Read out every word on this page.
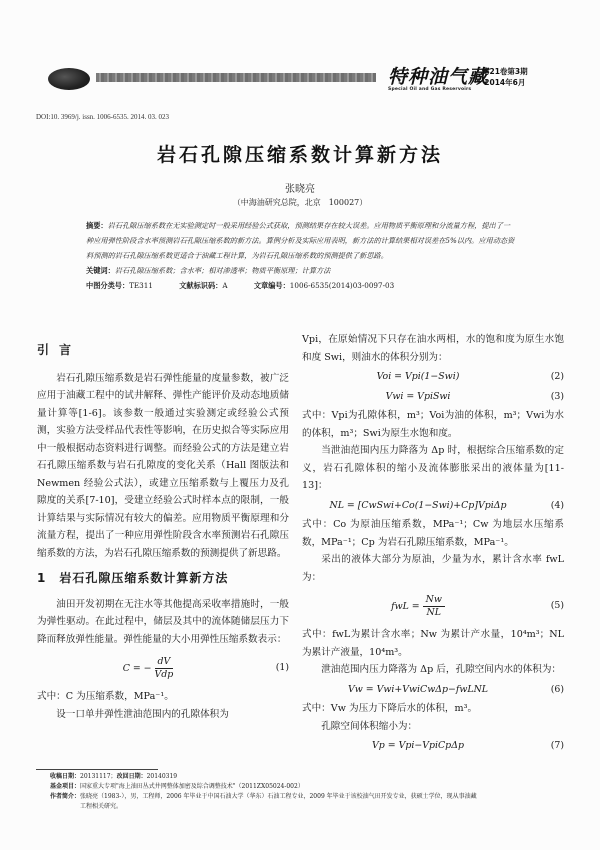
特种油气藏
Special Oil and Gas Reservoirs
第21卷第3期
2014年6月
DOI:10. 3969/j. issn. 1006-6535. 2014. 03. 023
岩石孔隙压缩系数计算新方法
张晓亮
（中海油研究总院，北京　100027）
摘要：岩石孔隙压缩系数在无实验测定时一般采用经验公式获取，预测结果存在较大误差。应用物质平衡原理和分流量方程，提出了一种应用弹性阶段含水率预测岩石孔隙压缩系数的新方法。算例分析及实际应用表明，新方法的计算结果相对误差在5%以内。应用动态资料预测的岩石孔隙压缩系数更适合于油藏工程计算，为岩石孔隙压缩系数的预测提供了新思路。
关键词：岩石孔隙压缩系数；含水率；相对渗透率；物质平衡原理；计算方法
中图分类号：TE311	文献标识码：A	文章编号：1006-6535(2014)03-0097-03
引言

岩石孔隙压缩系数是岩石弹性能量的度量参数，被广泛应用于油藏工程中的试井解释、弹性产能评价及动态地质储量计算等[1-6]。该参数一般通过实验测定或经验公式预测，实验方法受样品代表性等影响，在历史拟合等实际应用中一般根据动态资料进行调整。而经验公式的方法是建立岩石孔隙压缩系数与岩石孔隙度的变化关系（Hall 图版法和 Newmen 经验公式法），或建立压缩系数与上覆压力及孔隙度的关系[7-10]，受建立经验公式时样本点的限制，一般计算结果与实际情况有较大的偏差。应用物质平衡原理和分流量方程，提出了一种应用弹性阶段含水率预测岩石孔隙压缩系数的方法，为岩石孔隙压缩系数的预测提供了新思路。

1　岩石孔隙压缩系数计算新方法

油田开发初期在无注水等其他提高采收率措施时，一般为弹性驱动。在此过程中，储层及其中的流体随储层压力下降而释放弹性能量。弹性能量的大小用弹性压缩系数表示：

C = − $\frac{dV}{\text{Vdp}}$	(1)

式中：C 为压缩系数，MPa⁻¹。

设一口单井弹性泄油范围内的孔隙体积为

Vpi，在原始情况下只存在油水两相，水的饱和度为原生水饱和度 Swi，则油水的体积分别为：

Voi = Vpi(1−Swi)	(2)
Vwi = VpiSwi	(3)

式中：Vpi为孔隙体积，m³；Voi为油的体积，m³；Vwi为水的体积，m³；Swi为原生水饱和度。

当泄油范围内压力降落为 Δp 时，根据综合压缩系数的定义，岩石孔隙体积的缩小及流体膨胀采出的液体量为[11-13]：

NL = [CwSwi+Co(1−Swi)+Cp]VpiΔp	(4)

式中：Co 为原油压缩系数，MPa⁻¹；Cw 为地层水压缩系数，MPa⁻¹；Cp 为岩石孔隙压缩系数，MPa⁻¹。

采出的液体大部分为原油，少量为水，累计含水率 fwL为：

fwL = $\frac{Nw}{NL}$	(5)

式中：fwL为累计含水率；Nw 为累计产水量，10⁴m³；NL 为累计产液量，10⁴m³。

泄油范围内压力降落为 Δp 后，孔隙空间内水的体积为：

Vw = Vwi+VwiCwΔp−fwLNL	(6)

式中：Vw 为压力下降后水的体积，m³。

孔隙空间体积缩小为：

Vp = Vpi−VpiCpΔp	(7)
收稿日期：20131117；改回日期：20140319
基金项目：国家重大专项"海上油田丛式井网整体加密及综合调整技术"（2011ZX05024-002）
作者简介：张晓亮（1983-），男，工程师，2006 年毕业于中国石油大学（华东）石油工程专业，2009 年毕业于该校油气田开发专业，获硕士学位，现从事油藏
工程相关研究。
